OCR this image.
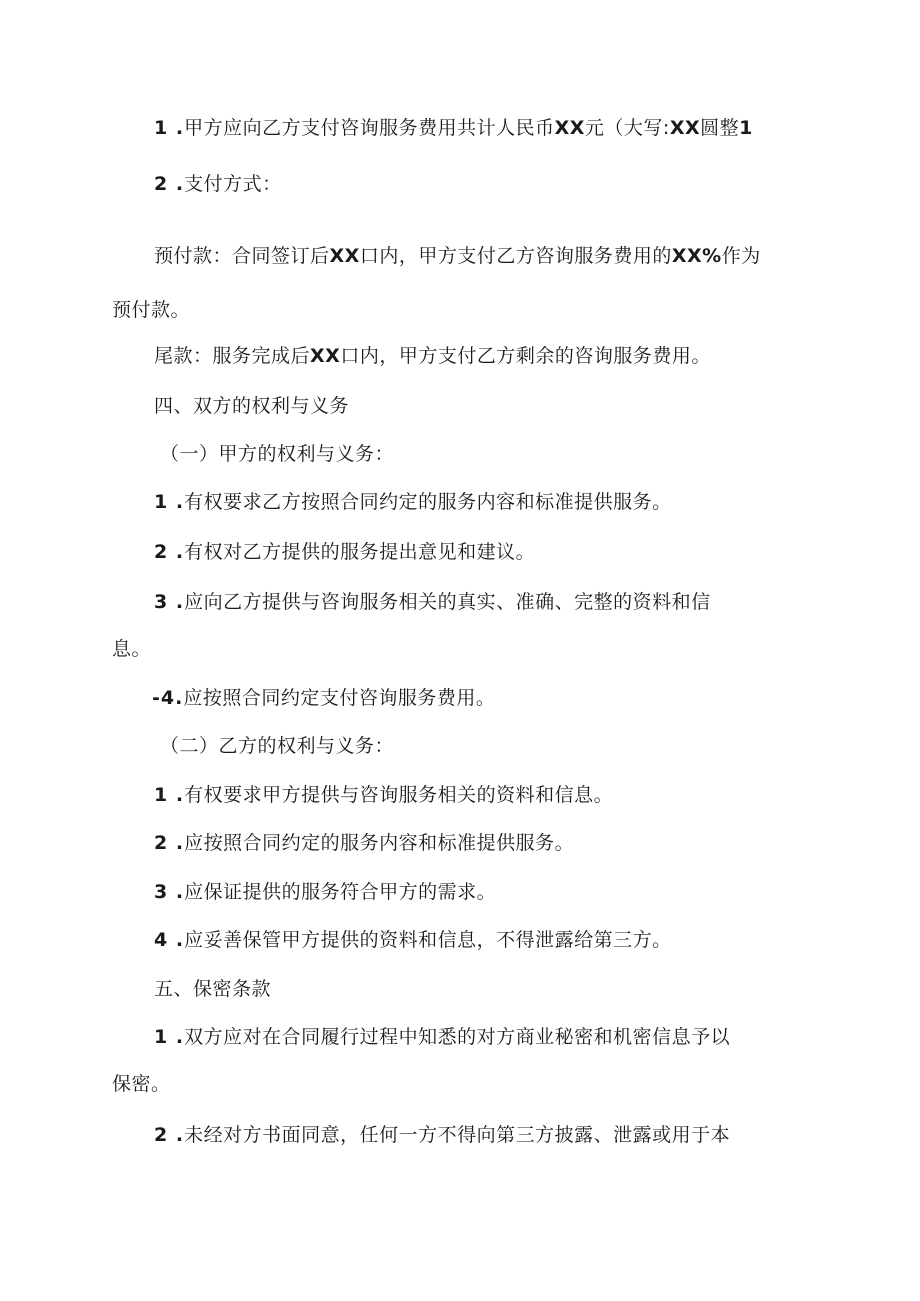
1 .甲方应向乙方支付咨询服务费用共计人民币XX元（大写:XX圆整1
2 .支付方式：
预付款：合同签订后XX口内，甲方支付乙方咨询服务费用的XX%作为
预付款。
尾款：服务完成后XX口内，甲方支付乙方剩余的咨询服务费用。
四、双方的权利与义务
（一）甲方的权利与义务：
1 .有权要求乙方按照合同约定的服务内容和标准提供服务。
2 .有权对乙方提供的服务提出意见和建议。
3 .应向乙方提供与咨询服务相关的真实、准确、完整的资料和信
息。
-4.应按照合同约定支付咨询服务费用。
（二）乙方的权利与义务：
1 .有权要求甲方提供与咨询服务相关的资料和信息。
2 .应按照合同约定的服务内容和标准提供服务。
3 .应保证提供的服务符合甲方的需求。
4 .应妥善保管甲方提供的资料和信息，不得泄露给第三方。
五、保密条款
1 .双方应对在合同履行过程中知悉的对方商业秘密和机密信息予以
保密。
2 .未经对方书面同意，任何一方不得向第三方披露、泄露或用于本
